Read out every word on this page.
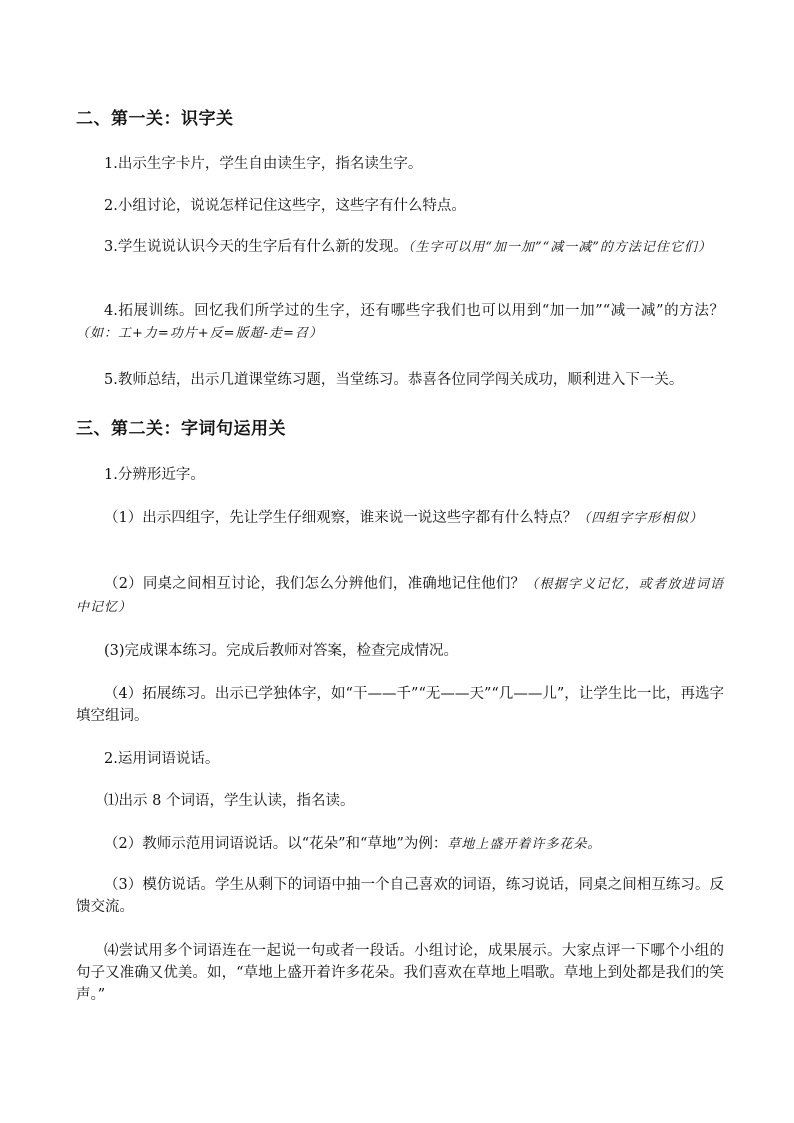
二、第一关：识字关

1.出示生字卡片，学生自由读生字，指名读生字。

2.小组讨论，说说怎样记住这些字，这些字有什么特点。

3.学生说说认识今天的生字后有什么新的发现。（生字可以用“加一加”“减一减”的方法记住它们）

4.拓展训练。回忆我们所学过的生字，还有哪些字我们也可以用到“加一加”“减一减”的方法？（如：工+力=功片+反=版超-走=召）

5.教师总结，出示几道课堂练习题，当堂练习。恭喜各位同学闯关成功，顺利进入下一关。

三、第二关：字词句运用关

1.分辨形近字。

（1）出示四组字，先让学生仔细观察，谁来说一说这些字都有什么特点？（四组字字形相似）

（2）同桌之间相互讨论，我们怎么分辨他们，准确地记住他们？（根据字义记忆，或者放进词语中记忆）

(3)完成课本练习。完成后教师对答案，检查完成情况。

（4）拓展练习。出示已学独体字，如“干——千”“无——天”“几——儿”，让学生比一比，再选字填空组词。

2.运用词语说话。

⑴出示 8 个词语，学生认读，指名读。

（2）教师示范用词语说话。以“花朵”和“草地”为例：草地上盛开着许多花朵。

（3）模仿说话。学生从剩下的词语中抽一个自己喜欢的词语，练习说话，同桌之间相互练习。反馈交流。

⑷尝试用多个词语连在一起说一句或者一段话。小组讨论，成果展示。大家点评一下哪个小组的句子又准确又优美。如，“草地上盛开着许多花朵。我们喜欢在草地上唱歌。草地上到处都是我们的笑声。”
